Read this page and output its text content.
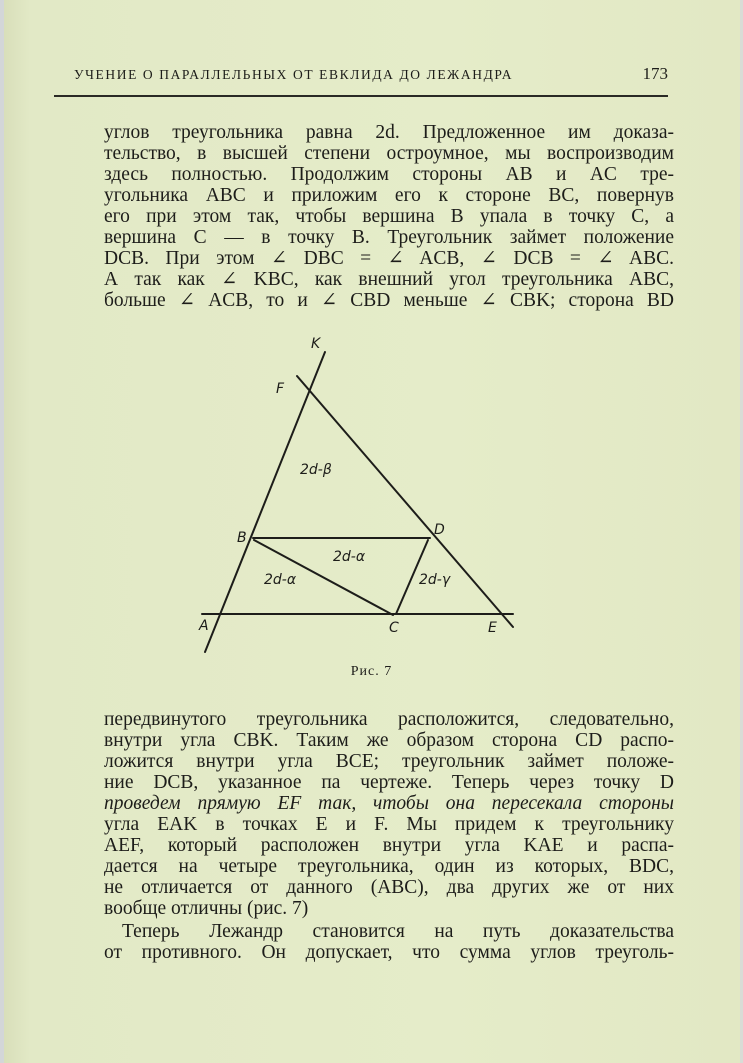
УЧЕНИЕ О ПАРАЛЛЕЛЬНЫХ ОТ ЕВКЛИДА ДО ЛЕЖАНДРА	173
углов треугольника равна 2d. Предложенное им доказа-
тельство, в высшей степени остроумное, мы воспроизводим
здесь полностью. Продолжим стороны AB и AC тре-
угольника ABC и приложим его к стороне BC, повернув
его при этом так, чтобы вершина B упала в точку C, а
вершина C — в точку B. Треугольник займет положение
DCB. При этом ∠ DBC = ∠ ACB, ∠ DCB = ∠ ABC.
А так как ∠ KBC, как внешний угол треугольника ABC,
больше ∠ ACB, то и ∠ CBD меньше ∠ CBK; сторона BD
K
F
B	D
A	C	E
2d-β
2d-α
2d-α	2d-γ
Рис. 7
передвинутого треугольника расположится, следовательно,
внутри угла CBK. Таким же образом сторона CD распо-
ложится внутри угла BCE; треугольник займет положе-
ние DCB, указанное па чертеже. Теперь через точку D
проведем прямую EF так, чтобы она пересекала стороны
угла EAK в точках E и F. Мы придем к треугольнику
AEF, который расположен внутри угла KAE и распа-
дается на четыре треугольника, один из которых, BDC,
не отличается от данного (ABC), два других же от них
вообще отличны (рис. 7)
Теперь Лежандр становится на путь доказательства
от противного. Он допускает, что сумма углов треуголь-
